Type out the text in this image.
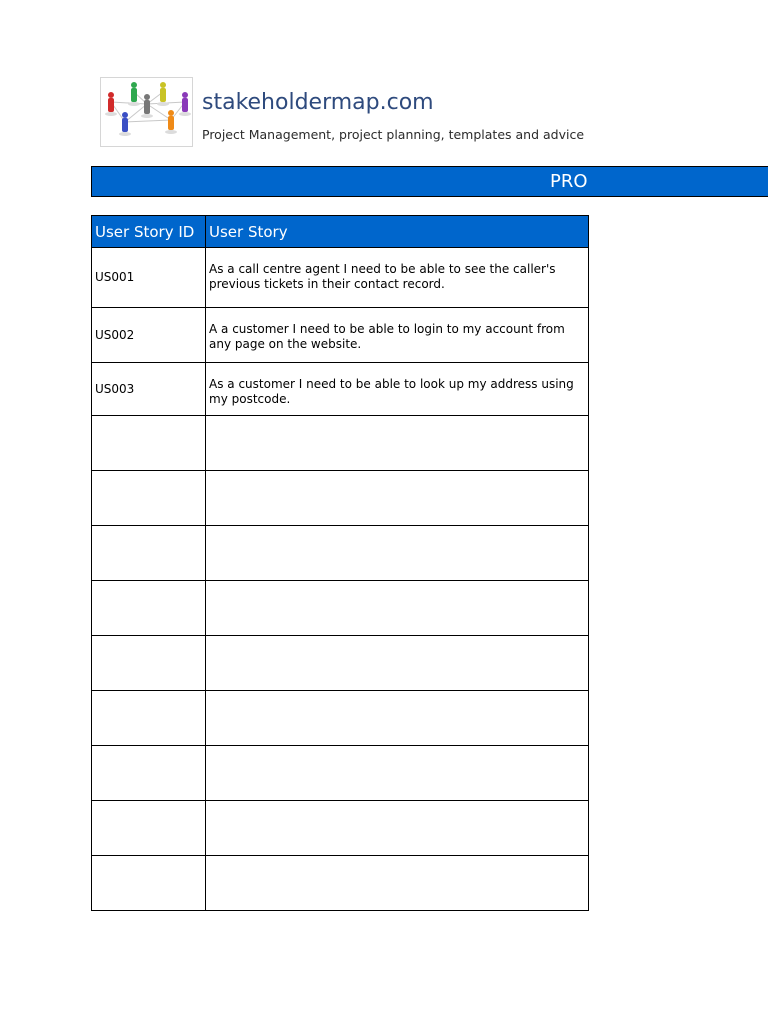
stakeholdermap.com
Project Management, project planning, templates and advice
PRO
User Story ID	User Story
US001	As a call centre agent I need to be able to see the caller's previous tickets in their contact record.
US002	A a customer I need to be able to login to my account from any page on the website.
US003	As a customer I need to be able to look up my address using my postcode.
